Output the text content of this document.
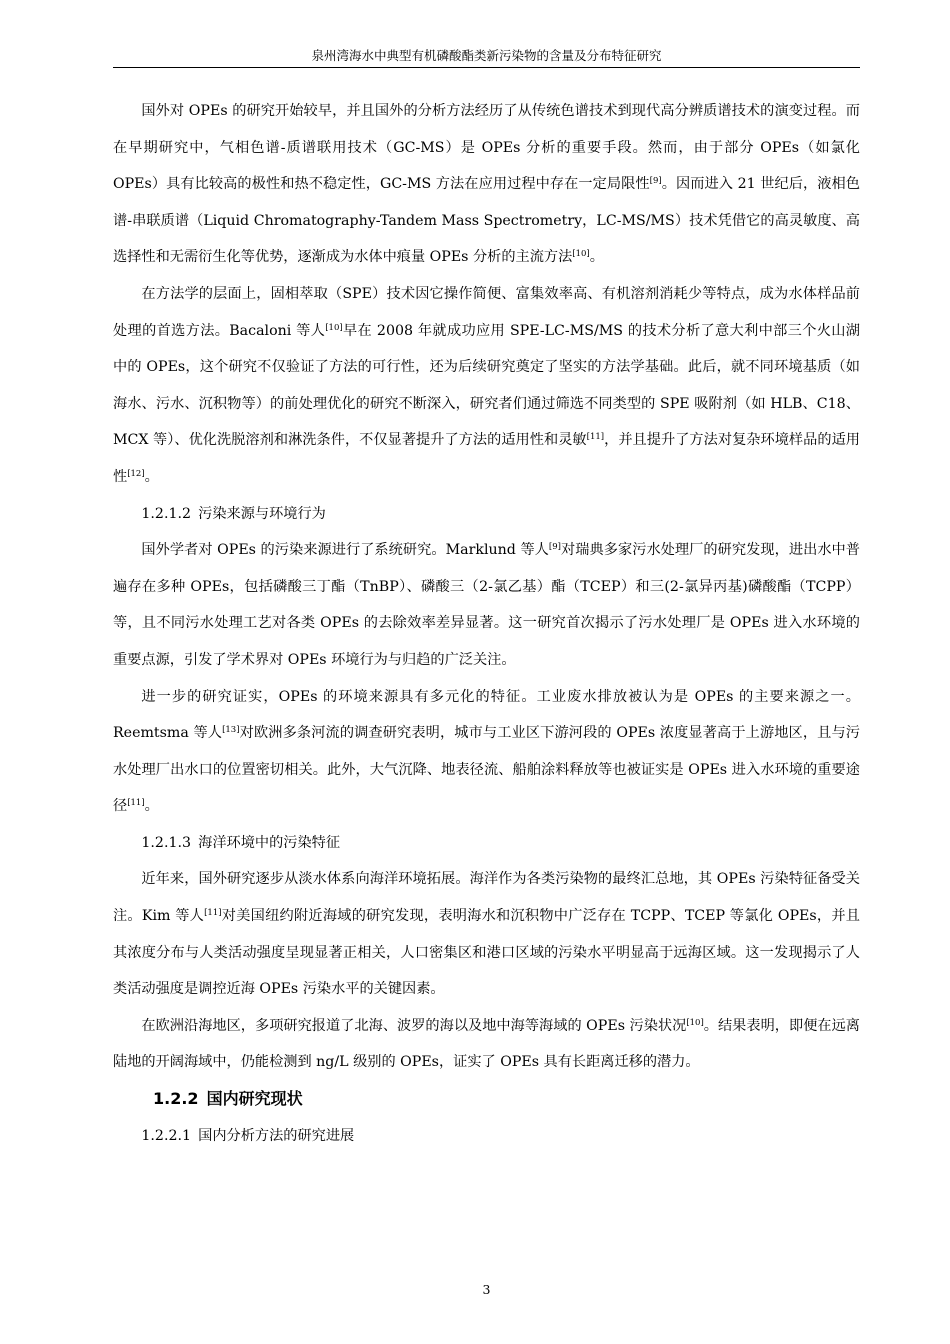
泉州湾海水中典型有机磷酸酯类新污染物的含量及分布特征研究

国外对 OPEs 的研究开始较早，并且国外的分析方法经历了从传统色谱技术到现代高分辨质谱技术的演变过程。而在早期研究中，气相色谱-质谱联用技术（GC-MS）是 OPEs 分析的重要手段。然而，由于部分 OPEs（如氯化 OPEs）具有比较高的极性和热不稳定性，GC-MS 方法在应用过程中存在一定局限性[9]。因而进入 21 世纪后，液相色谱-串联质谱（Liquid Chromatography-Tandem Mass Spectrometry，LC-MS/MS）技术凭借它的高灵敏度、高选择性和无需衍生化等优势，逐渐成为水体中痕量 OPEs 分析的主流方法[10]。

在方法学的层面上，固相萃取（SPE）技术因它操作简便、富集效率高、有机溶剂消耗少等特点，成为水体样品前处理的首选方法。Bacaloni 等人[10]早在 2008 年就成功应用 SPE-LC-MS/MS 的技术分析了意大利中部三个火山湖中的 OPEs，这个研究不仅验证了方法的可行性，还为后续研究奠定了坚实的方法学基础。此后，就不同环境基质（如海水、污水、沉积物等）的前处理优化的研究不断深入，研究者们通过筛选不同类型的 SPE 吸附剂（如 HLB、C18、MCX 等）、优化洗脱溶剂和淋洗条件，不仅显著提升了方法的适用性和灵敏[11]，并且提升了方法对复杂环境样品的适用性[12]。

1.2.1.2 污染来源与环境行为

国外学者对 OPEs 的污染来源进行了系统研究。Marklund 等人[9]对瑞典多家污水处理厂的研究发现，进出水中普遍存在多种 OPEs，包括磷酸三丁酯（TnBP）、磷酸三（2-氯乙基）酯（TCEP）和三(2-氯异丙基)磷酸酯（TCPP）等，且不同污水处理工艺对各类 OPEs 的去除效率差异显著。这一研究首次揭示了污水处理厂是 OPEs 进入水环境的重要点源，引发了学术界对 OPEs 环境行为与归趋的广泛关注。

进一步的研究证实，OPEs 的环境来源具有多元化的特征。工业废水排放被认为是 OPEs 的主要来源之一。Reemtsma 等人[13]对欧洲多条河流的调查研究表明，城市与工业区下游河段的 OPEs 浓度显著高于上游地区，且与污水处理厂出水口的位置密切相关。此外，大气沉降、地表径流、船舶涂料释放等也被证实是 OPEs 进入水环境的重要途径[11]。

1.2.1.3 海洋环境中的污染特征

近年来，国外研究逐步从淡水体系向海洋环境拓展。海洋作为各类污染物的最终汇总地，其 OPEs 污染特征备受关注。Kim 等人[11]对美国纽约附近海域的研究发现，表明海水和沉积物中广泛存在 TCPP、TCEP 等氯化 OPEs，并且其浓度分布与人类活动强度呈现显著正相关，人口密集区和港口区域的污染水平明显高于远海区域。这一发现揭示了人类活动强度是调控近海 OPEs 污染水平的关键因素。

在欧洲沿海地区，多项研究报道了北海、波罗的海以及地中海等海域的 OPEs 污染状况[10]。结果表明，即便在远离陆地的开阔海域中，仍能检测到 ng/L 级别的 OPEs，证实了 OPEs 具有长距离迁移的潜力。

1.2.2 国内研究现状

1.2.2.1 国内分析方法的研究进展

3
